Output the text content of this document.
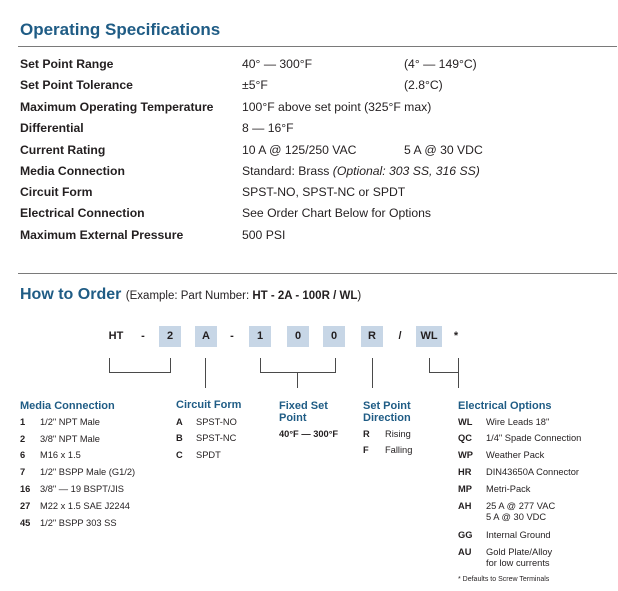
Operating Specifications
Set Point Range	40° — 300°F	(4° — 149°C)
Set Point Tolerance	±5°F	(2.8°C)
Maximum Operating Temperature 100°F above set point (325°F max)
Differential	8 — 16°F
Current Rating	10 A @ 125/250 VAC	5 A @ 30 VDC
Media Connection	Standard: Brass (Optional: 303 SS, 316 SS)
Circuit Form	SPST-NO, SPST-NC or SPDT
Electrical Connection	See Order Chart Below for Options
Maximum External Pressure	500 PSI
How to Order (Example: Part Number: HT - 2A - 100R / WL)
HT	-	2	A	-	1	0	0	R	/	WL	*
Media Connection
1 1/2" NPT Male
2 3/8" NPT Male
6 M16 x 1.5
7 1/2" BSPP Male (G1/2)
16 3/8" — 19 BSPT/JIS
27 M22 x 1.5 SAE J2244
45 1/2" BSPP 303 SS
Circuit Form
A SPST-NO
B SPST-NC
C SPDT
Fixed Set
Point
40°F — 300°F
Set Point
Direction
R Rising
F Falling
Electrical Options
WL Wire Leads 18"
QC 1/4" Spade Connection
WP Weather Pack
HR DIN43650A Connector
MP Metri-Pack
AH 25 A @ 277 VAC
5 A @ 30 VDC
GG Internal Ground
AU Gold Plate/Alloy
for low currents
* Defaults to Screw Terminals
